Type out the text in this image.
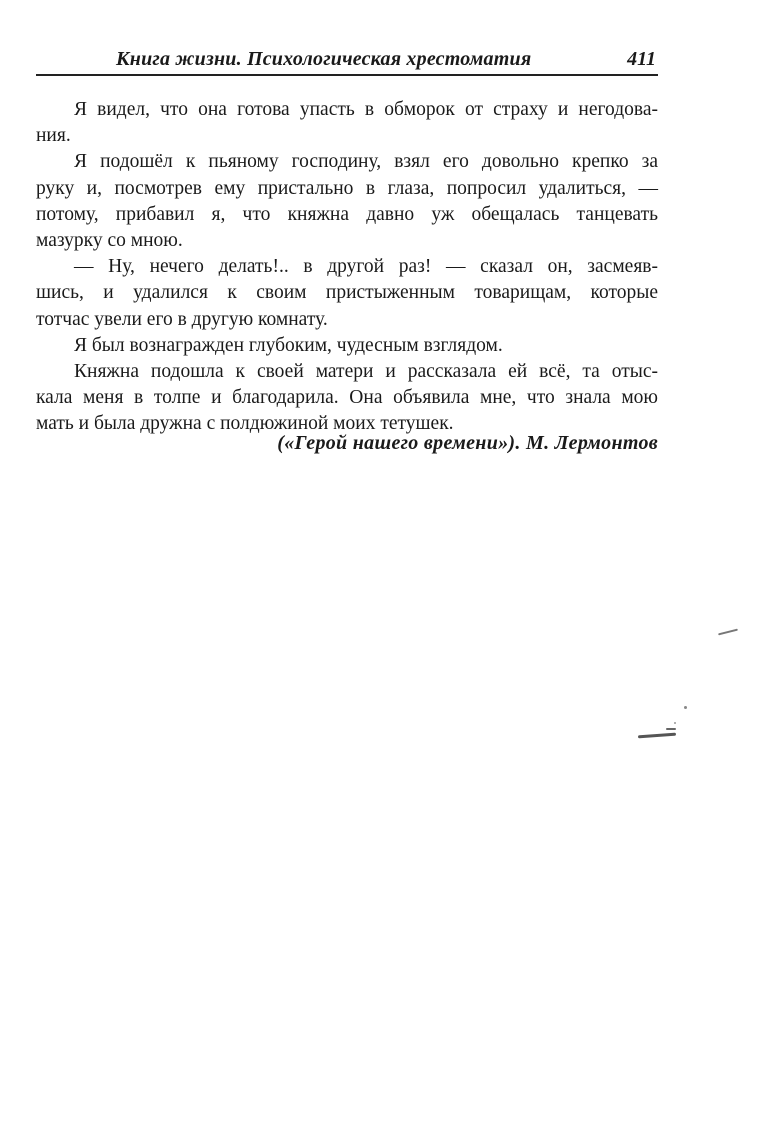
Книга жизни. Психологическая хрестоматия	411
Я видел, что она готова упасть в обморок от страху и негодова-
ния.
Я подошёл к пьяному господину, взял его довольно крепко за
руку и, посмотрев ему пристально в глаза, попросил удалиться, —
потому, прибавил я, что княжна давно уж обещалась танцевать
мазурку со мною.
— Ну, нечего делать!.. в другой раз! — сказал он, засмеяв-
шись, и удалился к своим пристыженным товарищам, которые
тотчас увели его в другую комнату.
Я был вознагражден глубоким, чудесным взглядом.
Княжна подошла к своей матери и рассказала ей всё, та отыс-
кала меня в толпе и благодарила. Она объявила мне, что знала мою
мать и была дружна с полдюжиной моих тетушек.
(«Герой нашего времени»). М. Лермонтов
